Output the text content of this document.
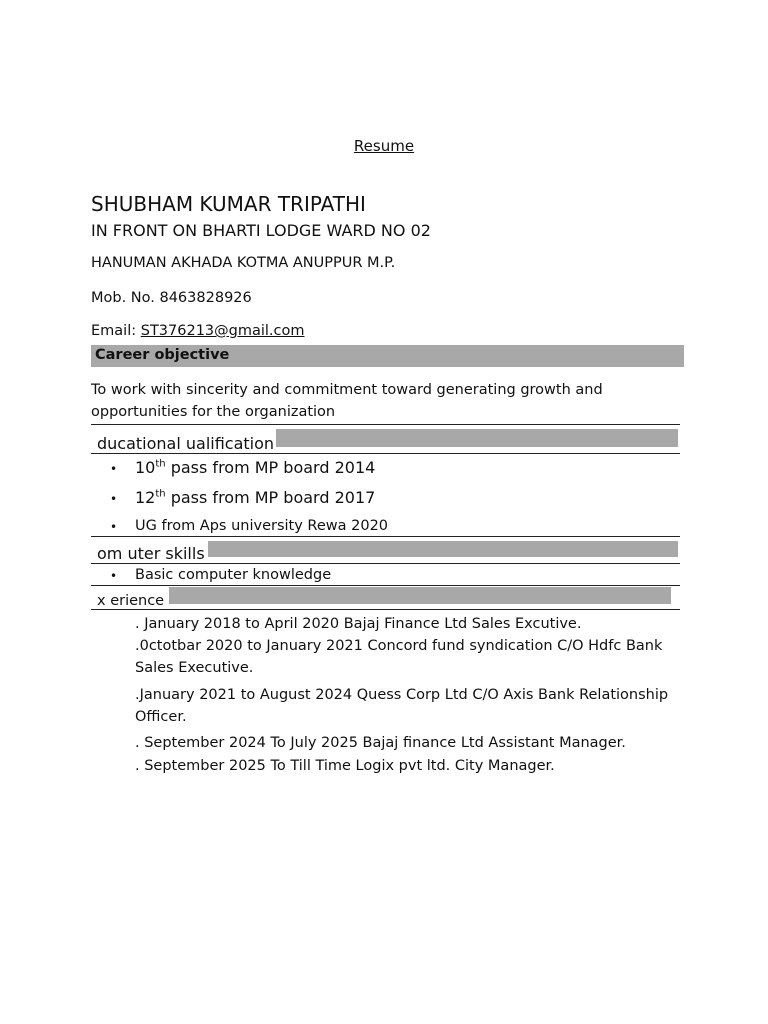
Resume
SHUBHAM KUMAR TRIPATHI
IN FRONT ON BHARTI LODGE WARD NO 02
HANUMAN AKHADA KOTMA ANUPPUR M.P.
Mob. No. 8463828926
Email: ST376213@gmail.com
Career objective
To work with sincerity and commitment toward generating growth and
opportunities for the organization
ducational ualification
• 10th pass from MP board 2014
• 12th pass from MP board 2017
• UG from Aps university Rewa 2020
om uter skills
• Basic computer knowledge
x erience
. January 2018 to April 2020 Bajaj Finance Ltd Sales Excutive.
.0ctotbar 2020 to January 2021 Concord fund syndication C/O Hdfc Bank
Sales Executive.
.January 2021 to August 2024 Quess Corp Ltd C/O Axis Bank Relationship
Officer.
. September 2024 To July 2025 Bajaj finance Ltd Assistant Manager.
. September 2025 To Till Time Logix pvt ltd. City Manager.
